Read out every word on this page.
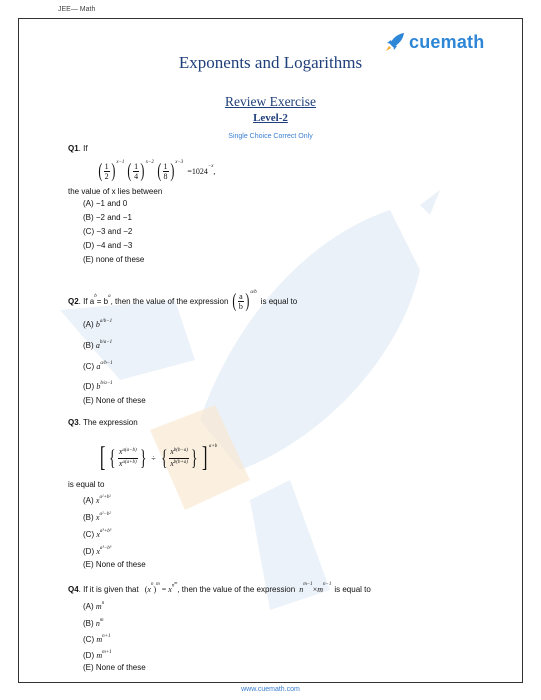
JEE— Math
cuemath
Exponents and Logarithms
Review Exercise
Level-2
Single Choice Correct Only
Q1. If
( $\frac{1}{2}$ ) x−1 ( $\frac{1}{4}$ ) x−2 ( $\frac{1}{8}$ ) x−3
=1024
−x
,
the value of x lies between
(A) −1 and 0
(B) −2 and −1
(C) −3 and −2
(D) −4 and −3
(E) none of these
Q2 . If a
b
= b
a
, then the value of the expression ( $\frac{a}{b}$ ) a/b
is equal to
(A) $b^{a/b-1}$
(B) $a^{b/a-1}$
(C) $a^{a/b-1}$
(D) $b^{b/a-1}$
(E) None of these
Q3. The expression
[ { $\frac{x^{a(a-b)}}{x^{a(a+b)}}$ } ÷ { $\frac{x^{b(b-a)}}{x^{b(b+a)}}$ } ] a+b
is equal to
(A) $x^{a^2+b^2}$
(B) $x^{a^2-b^2}$
(C) $x^{a^3+b^3}$
(D) $x^{a^3-b^3}$
(E) None of these
Q4 . If it is given that ( x
n
)
m
= x $n^m$
, then the value of the expression n
m−1
× m
n−1
is equal to
(A) $m^n$
(B) $n^m$
(C) $m^{n+1}$
(D) $m^{m+1}$
(E) None of these
www.cuemath.com
